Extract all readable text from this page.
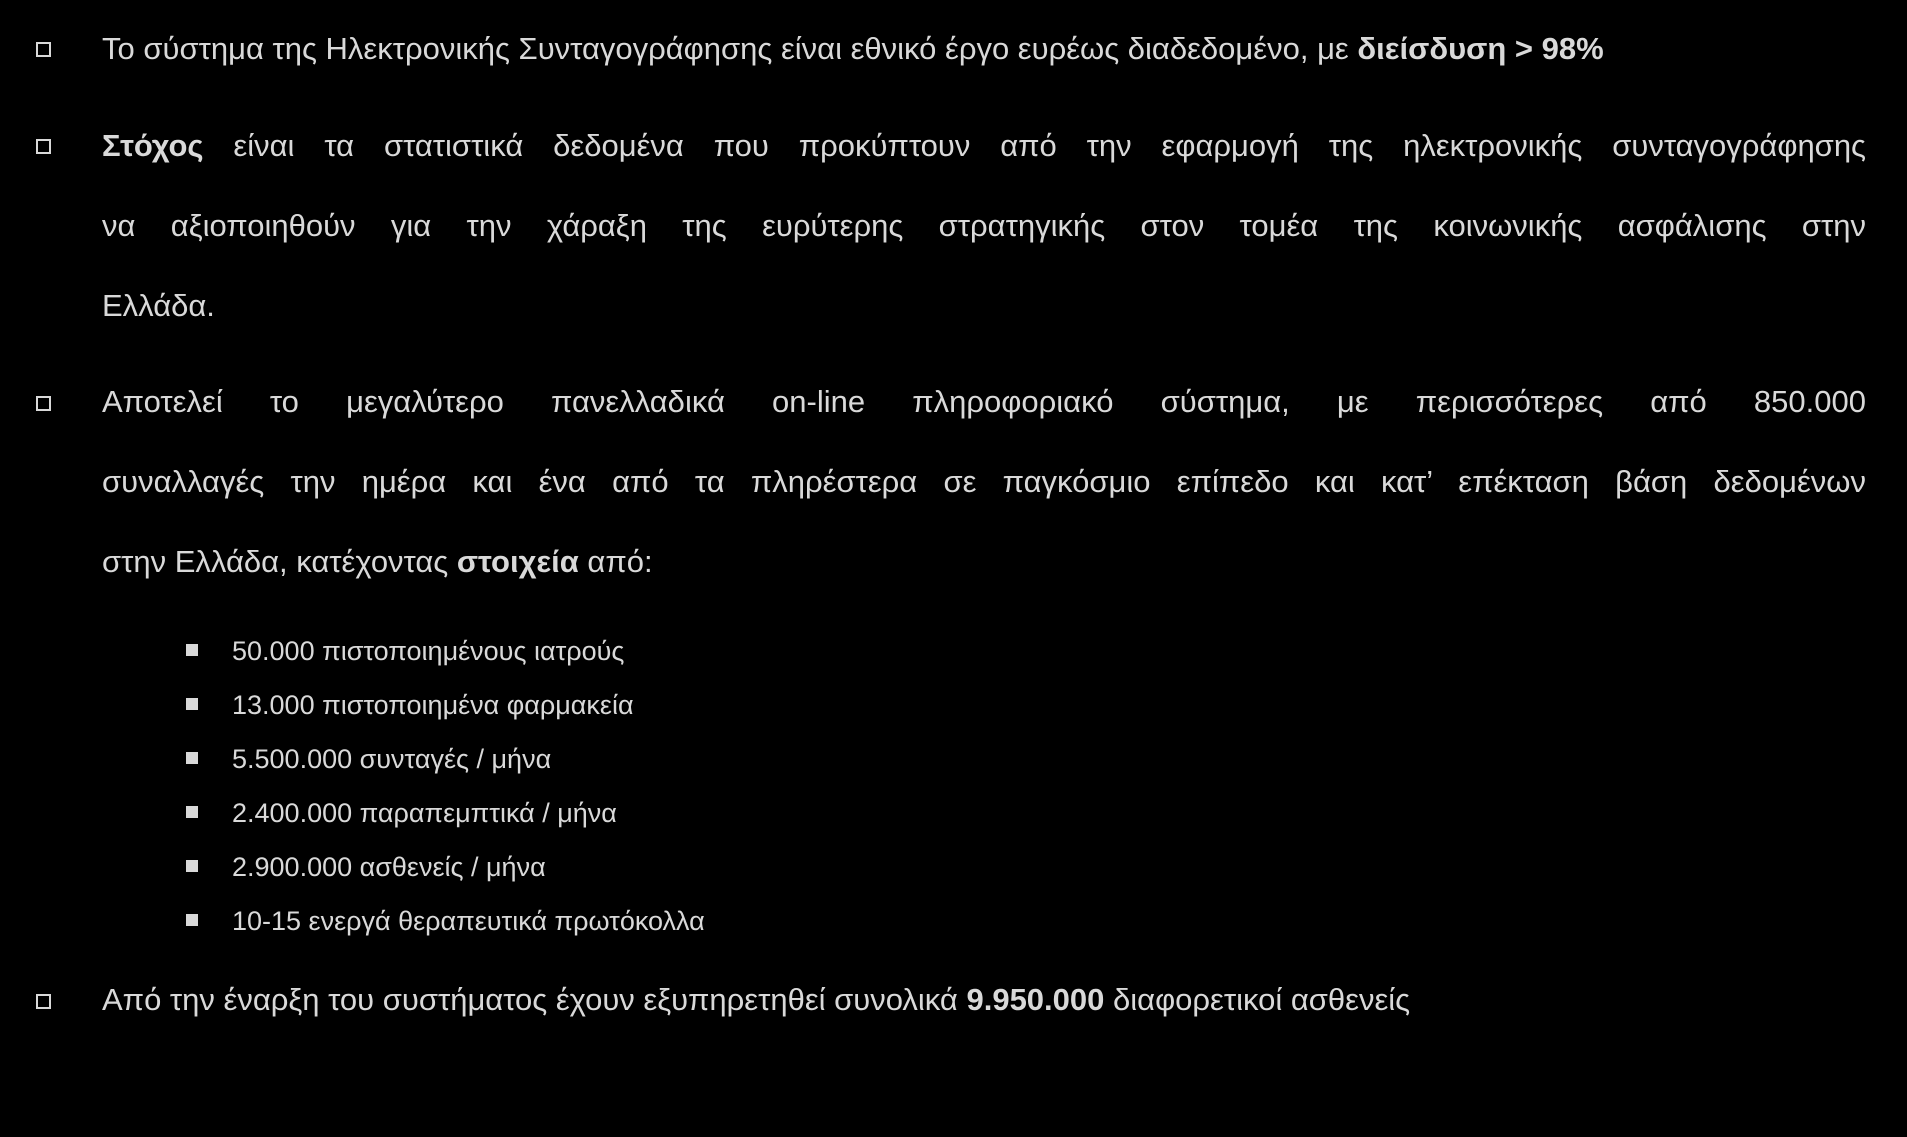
Το σύστημα της Ηλεκτρονικής Συνταγογράφησης είναι εθνικό έργο ευρέως διαδεδομένο, με διείσδυση > 98%
Στόχος είναι τα στατιστικά δεδομένα που προκύπτουν από την εφαρμογή της ηλεκτρονικής συνταγογράφησης
να αξιοποιηθούν για την χάραξη της ευρύτερης στρατηγικής στον τομέα της κοινωνικής ασφάλισης στην
Ελλάδα.
Αποτελεί το μεγαλύτερο πανελλαδικά on-line πληροφοριακό σύστημα, με περισσότερες από 850.000
συναλλαγές την ημέρα και ένα από τα πληρέστερα σε παγκόσμιο επίπεδο και κατ’ επέκταση βάση δεδομένων
στην Ελλάδα, κατέχοντας στοιχεία από:
50.000 πιστοποιημένους ιατρούς
13.000 πιστοποιημένα φαρμακεία
5.500.000 συνταγές / μήνα
2.400.000 παραπεμπτικά / μήνα
2.900.000 ασθενείς / μήνα
10-15 ενεργά θεραπευτικά πρωτόκολλα
Από την έναρξη του συστήματος έχουν εξυπηρετηθεί συνολικά 9.950.000 διαφορετικοί ασθενείς
